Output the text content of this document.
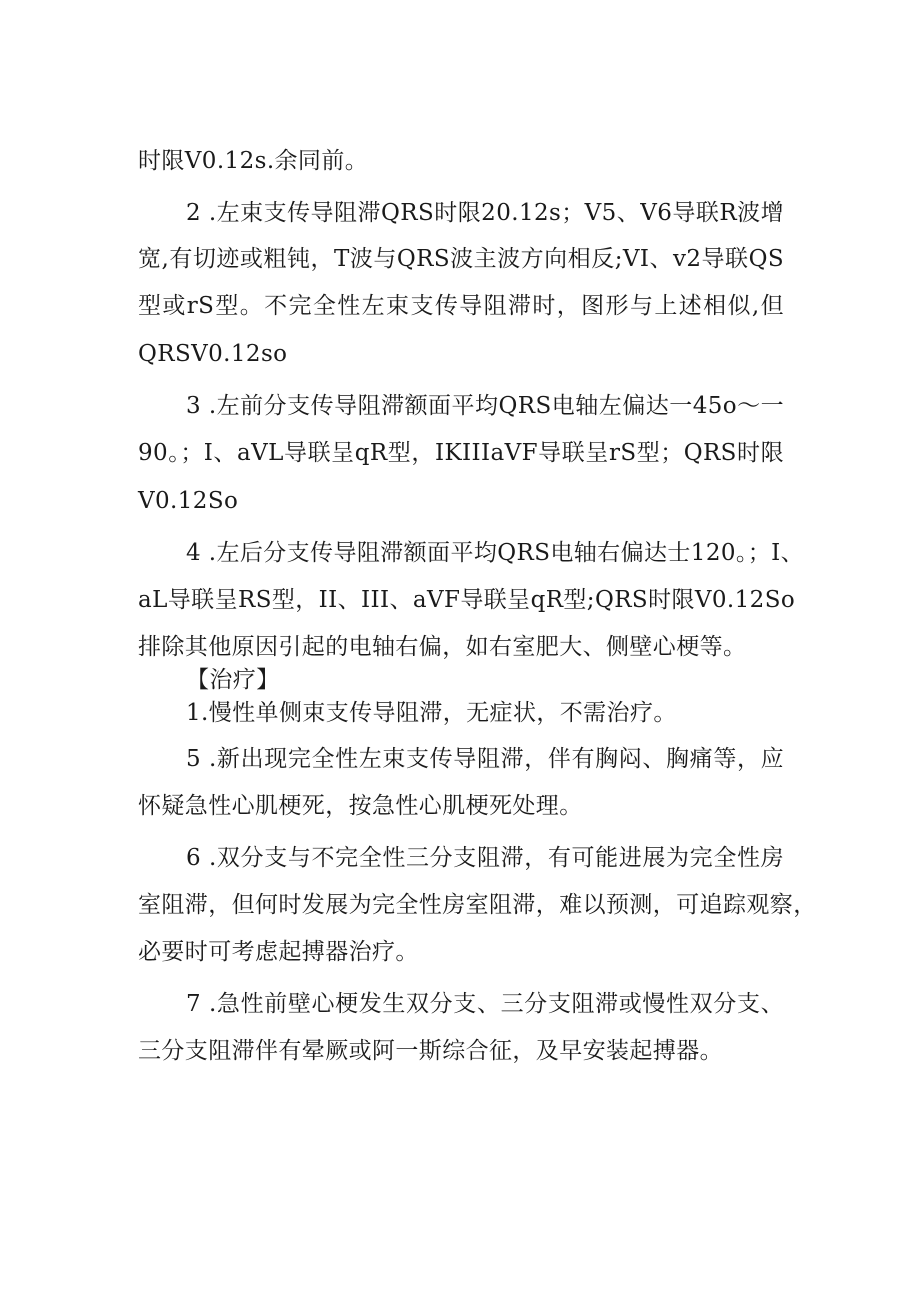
时限V0.12s.余同前。

2 .左束支传导阻滞QRS时限20.12s；V5、V6导联R波增

宽,有切迹或粗钝，T波与QRS波主波方向相反;VI、v2导联QS

型或rS型。不完全性左束支传导阻滞时，图形与上述相似,但

QRSV0.12so

3 .左前分支传导阻滞额面平均QRS电轴左偏达一45o～一

90。；I、aVL导联呈qR型，IKIIIaVF导联呈rS型；QRS时限

V0.12So

4 .左后分支传导阻滞额面平均QRS电轴右偏达士120。；I、

aL导联呈RS型，II、III、aVF导联呈qR型;QRS时限V0.12So

排除其他原因引起的电轴右偏，如右室肥大、侧壁心梗等。

【治疗】

1.慢性单侧束支传导阻滞，无症状，不需治疗。

5 .新出现完全性左束支传导阻滞，伴有胸闷、胸痛等，应

怀疑急性心肌梗死，按急性心肌梗死处理。

6 .双分支与不完全性三分支阻滞，有可能进展为完全性房

室阻滞，但何时发展为完全性房室阻滞，难以预测，可追踪观察，

必要时可考虑起搏器治疗。

7 .急性前壁心梗发生双分支、三分支阻滞或慢性双分支、

三分支阻滞伴有晕厥或阿一斯综合征，及早安装起搏器。
